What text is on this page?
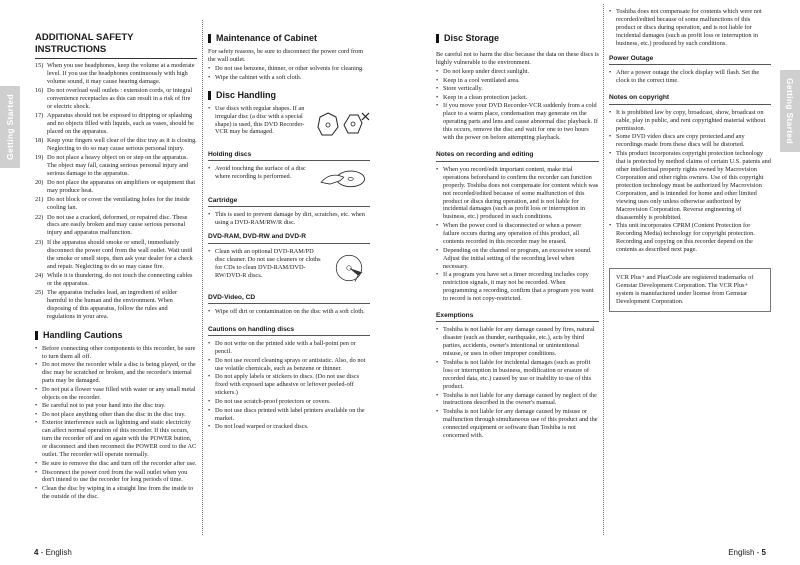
Getting Started	Getting Started
ADDITIONAL SAFETY INSTRUCTIONS
15) When you use headphones, keep the volume at a moderate level. If you use the headphones continuously with high volume sound, it may cause hearing damage.
16) Do not overload wall outlets : extension cords, or integral convenience receptacles as this can result in a risk of fire or electric shock.
17) Apparatus should not be exposed to dripping or splashing and no objects filled with liquids, such as vases, should be placed on the apparatus.
18) Keep your fingers well clear of the disc tray as it is closing. Neglecting to do so may cause serious personal injury.
19) Do not place a heavy object on or step on the apparatus. The object may fall, causing serious personal injury and serious damage to the apparatus.
20) Do not place the apparatus on amplifiers or equipment that may produce heat.
21) Do not block or cover the ventilating holes for the inside cooling fan.
22) Do not use a cracked, deformed, or repaired disc. These discs are easily broken and may cause serious personal injury and apparatus malfunction.
23) If the apparatus should smoke or smell, immediately disconnect the power cord from the wall outlet. Wait until the smoke or smell stops, then ask your dealer for a check and repair. Neglecting to do so may cause fire.
24) While it is thundering, do not touch the connecting cables or the apparatus.
25) The apparatus includes lead, an ingredient of solder harmful to the human and the environment. When disposing of this apparatus, follow the rules and regulations in your area.
Handling Cautions
• Before connecting other components to this recorder, be sure to turn them all off.
• Do not move the recorder while a disc is being played, or the disc may be scratched or broken, and the recorder's internal parts may be damaged.
• Do not put a flower vase filled with water or any small metal objects on the recorder.
• Be careful not to put your hand into the disc tray.
• Do not place anything other than the disc in the disc tray.
• Exterior interference such as lightning and static electricity can affect normal operation of this recorder. If this occurs, turn the recorder off and on again with the POWER button, or disconnect and then reconnect the POWER cord to the AC outlet. The recorder will operate normally.
• Be sure to remove the disc and turn off the recorder after use.
• Disconnect the power cord from the wall outlet when you don't intend to use the recorder for long periods of time.
• Clean the disc by wiping in a straight line from the inside to the outside of the disc.
Maintenance of Cabinet

For safety reasons, be sure to disconnect the power cord from the wall outlet.

• Do not use benzene, thinner, or other solvents for cleaning.
• Wipe the cabinet with a soft cloth.
Disc Handling
• Use discs with regular shapes. If an irregular disc (a disc with a special shape) is used, this DVD Recorder-VCR may be damaged.
Holding discs
• Avoid touching the surface of a disc where recording is performed.
Cartridge
• This is used to prevent damage by dirt, scratches, etc. when using a DVD-RAM/RW/R disc.
DVD-RAM, DVD-RW and DVD-R
• Clean with an optional DVD-RAM/PD disc cleaner. Do not use cleaners or cloths for CDs to clean DVD-RAM/DVD-RW/DVD-R discs.
DVD-Video, CD
• Wipe off dirt or contamination on the disc with a soft cloth.
Cautions on handling discs
• Do not write on the printed side with a ball-point pen or pencil.
• Do not use record cleaning sprays or antistatic. Also, do not use volatile chemicals, such as benzene or thinner.
• Do not apply labels or stickers to discs. (Do not use discs fixed with exposed tape adhesive or leftover peeled-off stickers.)
• Do not use scratch-proof protectors or covers.
• Do not use discs printed with label printers available on the market.
• Do not load warped or cracked discs.
Disc Storage

Be careful not to harm the disc because the data on these discs is highly vulnerable to the environment.

• Do not keep under direct sunlight.
• Keep in a cool ventilated area.
• Store vertically.
• Keep in a clean protection jacket.
• If you move your DVD Recorder-VCR suddenly from a cold place to a warm place, condensation may generate on the operating parts and lens and cause abnormal disc playback. If this occurs, remove the disc and wait for one to two hours with the power on before attempting playback.
Notes on recording and editing
• When you record/edit important content, make trial operations beforehand to confirm the recorder can function properly. Toshiba does not compensate for content which was not recorded/edited because of some malfunction of this product or discs during operation, and is not liable for incidental damages (such as profit loss or interruption in business, etc.) produced in such conditions.
• When the power cord is disconnected or when a power failure occurs during any operation of this product, all contents recorded in this recorder may be erased.
• Depending on the channel or program, an excessive sound. Adjust the initial setting of the recording level when necessary.
• If a program you have set a timer recording includes copy restriction signals, it may not be recorded. When programming a recording, confirm that a program you want to record is not copy-restricted.
Exemptions
• Toshiba is not liable for any damage caused by fires, natural disaster (such as thunder, earthquake, etc.), acts by third parties, accidents, owner's intentional or unintentional misuse, or uses in other improper conditions.
• Toshiba is not liable for incidental damages (such as profit loss or interruption in business, modification or erasure of recorded data, etc.) caused by use or inability to use of this product.
• Toshiba is not liable for any damage caused by neglect of the instructions described in the owner's manual.
• Toshiba is not liable for any damage caused by misuse or malfunction through simultaneous use of this product and the connected equipment or software than Toshiba is not concerned with.
• Toshiba does not compensate for contents which were not recorded/edited because of some malfunctions of this product or discs during operation, and is not liable for incidental damages (such as profit loss or interruption in business, etc.) produced by such conditions.
Power Outage
• After a power outage the clock display will flash. Set the clock to the correct time.
Notes on copyright
• It is prohibited law by copy, broadcast, show, broadcast on cable, play in public, and rent copyrighted material without permission.
• Some DVD video discs are copy protected.and any recordings made from these discs will be distorted.
• This product incorporates copyright protection technology that is protected by method claims of certain U.S. patents and other intellectual property rights owned by Macrovision Corporation and other rights owners. Use of this copyright protection technology must be authorized by Macrovision Corporation, and is intended for home and other limited viewing uses only unless otherwise authorized by Macrovision Corporation. Reverse engineering of disassembly is prohibited.
• This unit incorporates CPRM (Content Protection for Recording Media) technology for copyright protection. Recording and copying on this recorder depend on the contents as described next page.
VCR Plus+ and PlusCode are registered trademarks of Gemstar Development Corporation. The VCR Plus+ system is manufactured under license from Gemstar Development Corporation.
4 - English	English - 5
